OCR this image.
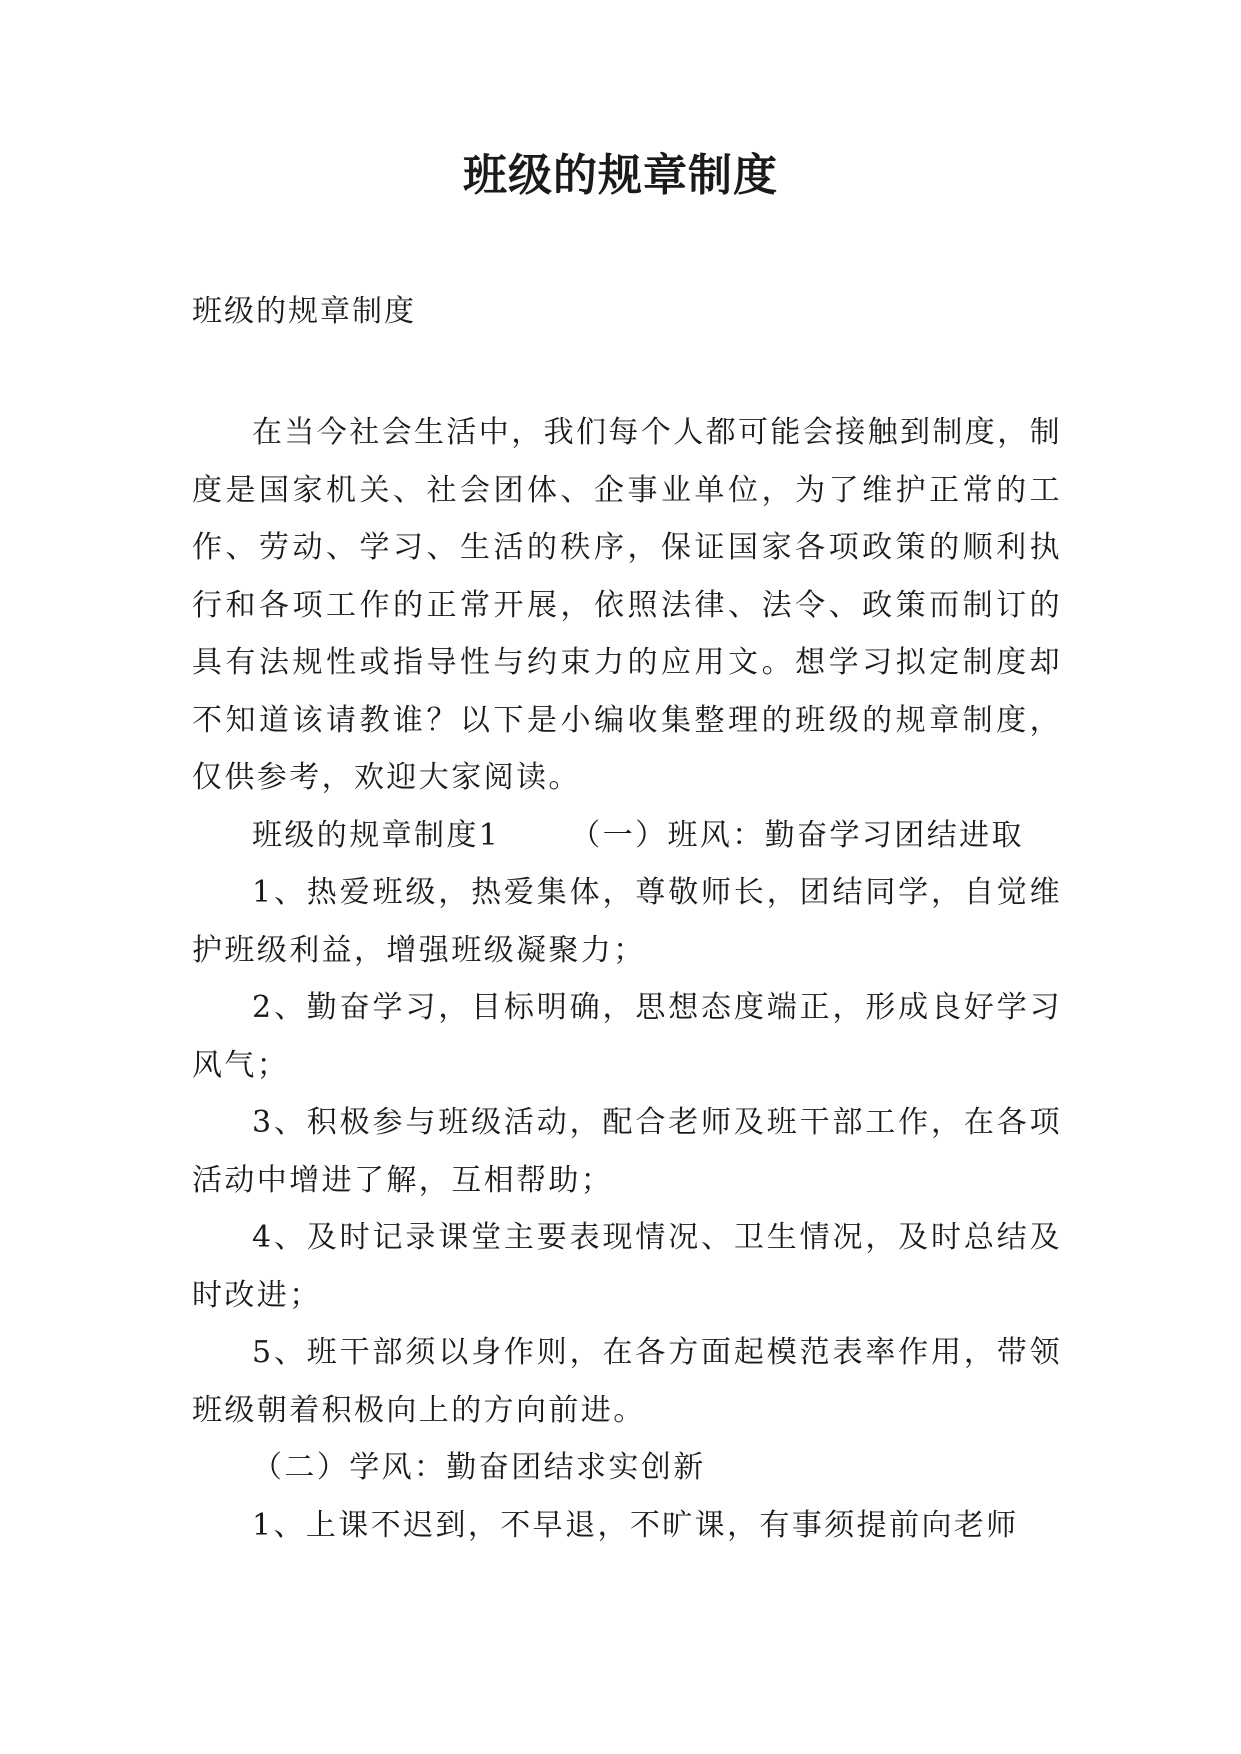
班级的规章制度
班级的规章制度

在当今社会生活中，我们每个人都可能会接触到制度，制度是国家机关、社会团体、企事业单位，为了维护正常的工作、劳动、学习、生活的秩序，保证国家各项政策的顺利执行和各项工作的正常开展，依照法律、法令、政策而制订的具有法规性或指导性与约束力的应用文。想学习拟定制度却不知道该请教谁？以下是小编收集整理的班级的规章制度，仅供参考，欢迎大家阅读。

班级的规章制度1 （一）班风：勤奋学习团结进取

1、热爱班级，热爱集体，尊敬师长，团结同学，自觉维护班级利益，增强班级凝聚力；

2、勤奋学习，目标明确，思想态度端正，形成良好学习风气；

3、积极参与班级活动，配合老师及班干部工作，在各项活动中增进了解，互相帮助；

4、及时记录课堂主要表现情况、卫生情况，及时总结及时改进；

5、班干部须以身作则，在各方面起模范表率作用，带领班级朝着积极向上的方向前进。

（二）学风：勤奋团结求实创新

1、上课不迟到，不早退，不旷课，有事须提前向老师
